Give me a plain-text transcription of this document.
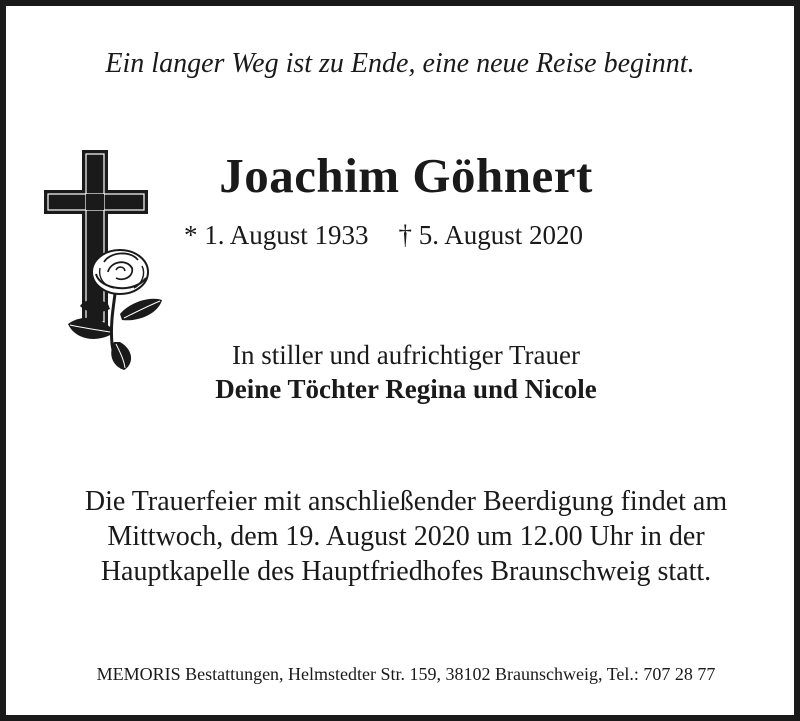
Ein langer Weg ist zu Ende, eine neue Reise beginnt.
Joachim Göhnert
* 1. August 1933 † 5. August 2020
In stiller und aufrichtiger Trauer
Deine Töchter Regina und Nicole
Die Trauerfeier mit anschließender Beerdigung findet am
Mittwoch, dem 19. August 2020 um 12.00 Uhr in der
Hauptkapelle des Hauptfriedhofes Braunschweig statt.
MEMORIS Bestattungen, Helmstedter Str. 159, 38102 Braunschweig, Tel.: 707 28 77
